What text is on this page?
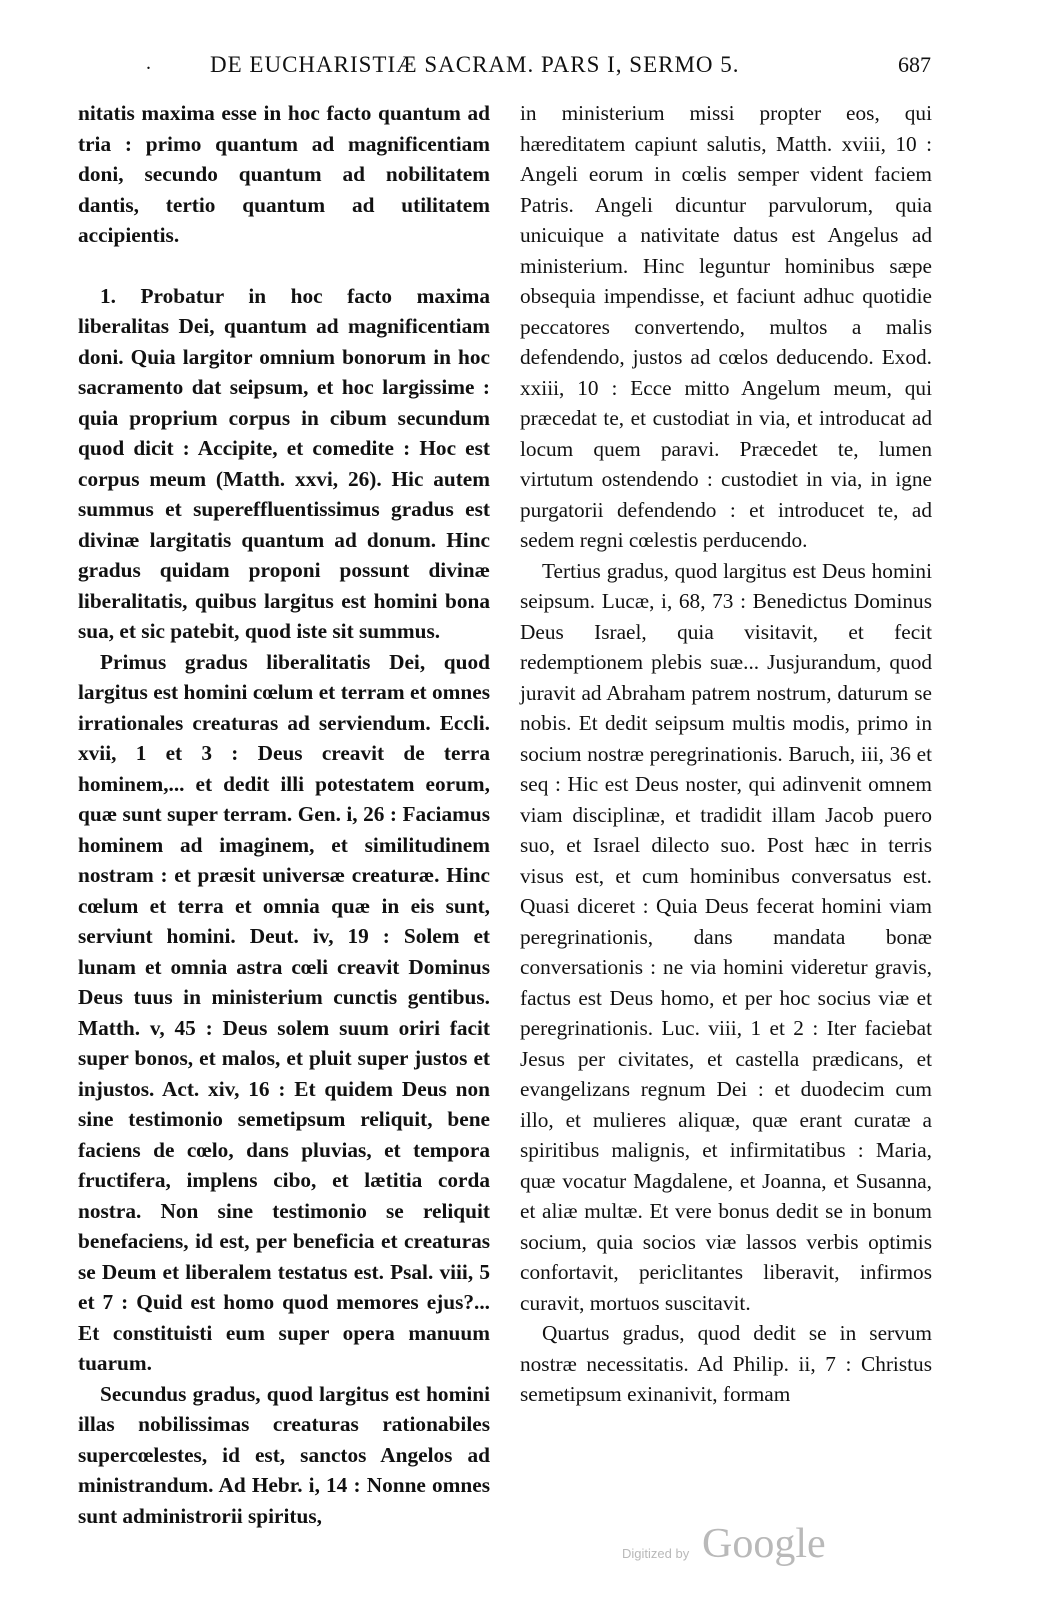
.	DE EUCHARISTIÆ SACRAM. PARS I, SERMO 5.	687

nitatis maxima esse in hoc facto quantum ad tria : primo quantum ad magnificentiam doni, secundo quantum ad nobilitatem dantis, tertio quantum ad utilitatem accipientis.

1. Probatur in hoc facto maxima liberalitas Dei, quantum ad magnificentiam doni. Quia largitor omnium bonorum in hoc sacramento dat seipsum, et hoc largissime : quia proprium corpus in cibum secundum quod dicit : Accipite, et comedite : Hoc est corpus meum (Matth. xxvi, 26). Hic autem summus et supereffluentissimus gradus est divinæ largitatis quantum ad donum. Hinc gradus quidam proponi possunt divinæ liberalitatis, quibus largitus est homini bona sua, et sic patebit, quod iste sit summus.

Primus gradus liberalitatis Dei, quod largitus est homini cœlum et terram et omnes irrationales creaturas ad serviendum. Eccli. xvii, 1 et 3 : Deus creavit de terra hominem,... et dedit illi potestatem eorum, quæ sunt super terram. Gen. i, 26 : Faciamus hominem ad imaginem, et similitudinem nostram : et præsit universæ creaturæ. Hinc cœlum et terra et omnia quæ in eis sunt, serviunt homini. Deut. iv, 19 : Solem et lunam et omnia astra cœli creavit Dominus Deus tuus in ministerium cunctis gentibus. Matth. v, 45 : Deus solem suum oriri facit super bonos, et malos, et pluit super justos et injustos. Act. xiv, 16 : Et quidem Deus non sine testimonio semetipsum reliquit, bene faciens de cœlo, dans pluvias, et tempora fructifera, implens cibo, et lætitia corda nostra. Non sine testimonio se reliquit benefaciens, id est, per beneficia et creaturas se Deum et liberalem testatus est. Psal. viii, 5 et 7 : Quid est homo quod memores ejus?... Et constituisti eum super opera manuum tuarum.

Secundus gradus, quod largitus est homini illas nobilissimas creaturas rationabiles supercœlestes, id est, sanctos Angelos ad ministrandum. Ad Hebr. i, 14 : Nonne omnes sunt administrorii spiritus,

in ministerium missi propter eos, qui hæreditatem capiunt salutis, Matth. xviii, 10 : Angeli eorum in cœlis semper vident faciem Patris. Angeli dicuntur parvulorum, quia unicuique a nativitate datus est Angelus ad ministerium. Hinc leguntur hominibus sæpe obsequia impendisse, et faciunt adhuc quotidie peccatores convertendo, multos a malis defendendo, justos ad cœlos deducendo. Exod. xxiii, 10 : Ecce mitto Angelum meum, qui præcedat te, et custodiat in via, et introducat ad locum quem paravi. Præcedet te, lumen virtutum ostendendo : custodiet in via, in igne purgatorii defendendo : et introducet te, ad sedem regni cœlestis perducendo.

Tertius gradus, quod largitus est Deus homini seipsum. Lucæ, i, 68, 73 : Benedictus Dominus Deus Israel, quia visitavit, et fecit redemptionem plebis suæ... Jusjurandum, quod juravit ad Abraham patrem nostrum, daturum se nobis. Et dedit seipsum multis modis, primo in socium nostræ peregrinationis. Baruch, iii, 36 et seq : Hic est Deus noster, qui adinvenit omnem viam disciplinæ, et tradidit illam Jacob puero suo, et Israel dilecto suo. Post hæc in terris visus est, et cum hominibus conversatus est. Quasi diceret : Quia Deus fecerat homini viam peregrinationis, dans mandata bonæ conversationis : ne via homini videretur gravis, factus est Deus homo, et per hoc socius viæ et peregrinationis. Luc. viii, 1 et 2 : Iter faciebat Jesus per civitates, et castella prædicans, et evangelizans regnum Dei : et duodecim cum illo, et mulieres aliquæ, quæ erant curatæ a spiritibus malignis, et infirmitatibus : Maria, quæ vocatur Magdalene, et Joanna, et Susanna, et aliæ multæ. Et vere bonus dedit se in bonum socium, quia socios viæ lassos verbis optimis confortavit, periclitantes liberavit, infirmos curavit, mortuos suscitavit.

Quartus gradus, quod dedit se in servum nostræ necessitatis. Ad Philip. ii, 7 : Christus semetipsum exinanivit, formam

Digitized by Google
